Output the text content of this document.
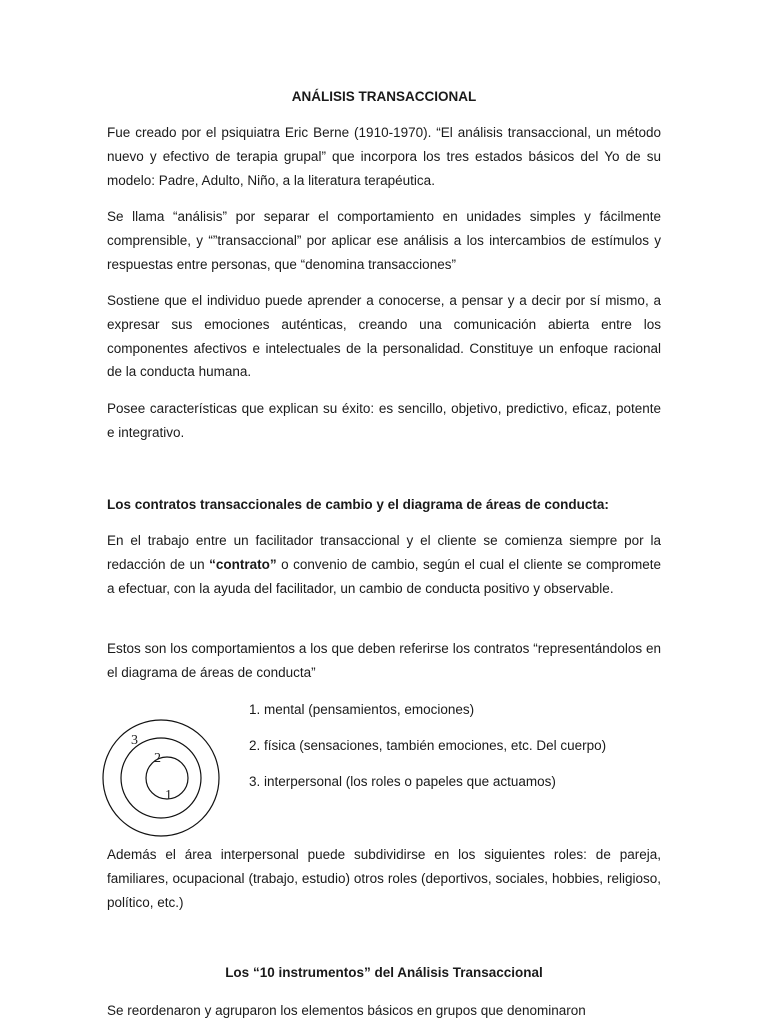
ANÁLISIS TRANSACCIONAL

Fue creado por el psiquiatra Eric Berne (1910-1970). “El análisis transaccional, un método nuevo y efectivo de terapia grupal” que incorpora los tres estados básicos del Yo de su modelo: Padre, Adulto, Niño, a la literatura terapéutica.

Se llama “análisis” por separar el comportamiento en unidades simples y fácilmente comprensible, y “”transaccional” por aplicar ese análisis a los intercambios de estímulos y respuestas entre personas, que “denomina transacciones”

Sostiene que el individuo puede aprender a conocerse, a pensar y a decir por sí mismo, a expresar sus emociones auténticas, creando una comunicación abierta entre los componentes afectivos e intelectuales de la personalidad. Constituye un enfoque racional de la conducta humana.

Posee características que explican su éxito: es sencillo, objetivo, predictivo, eficaz, potente e integrativo.

Los contratos transaccionales de cambio y el diagrama de áreas de conducta:

En el trabajo entre un facilitador transaccional y el cliente se comienza siempre por la redacción de un “contrato” o convenio de cambio, según el cual el cliente se compromete a efectuar, con la ayuda del facilitador, un cambio de conducta positivo y observable.

Estos son los comportamientos a los que deben referirse los contratos “representándolos en el diagrama de áreas de conducta”

3
2
1
1. mental (pensamientos, emociones)
2. física (sensaciones, también emociones, etc. Del cuerpo)
3. interpersonal (los roles o papeles que actuamos)

Además el área interpersonal puede subdividirse en los siguientes roles: de pareja, familiares, ocupacional (trabajo, estudio) otros roles (deportivos, sociales, hobbies, religioso, político, etc.)

Los “10 instrumentos” del Análisis Transaccional

Se reordenaron y agruparon los elementos básicos en grupos que denominaron
